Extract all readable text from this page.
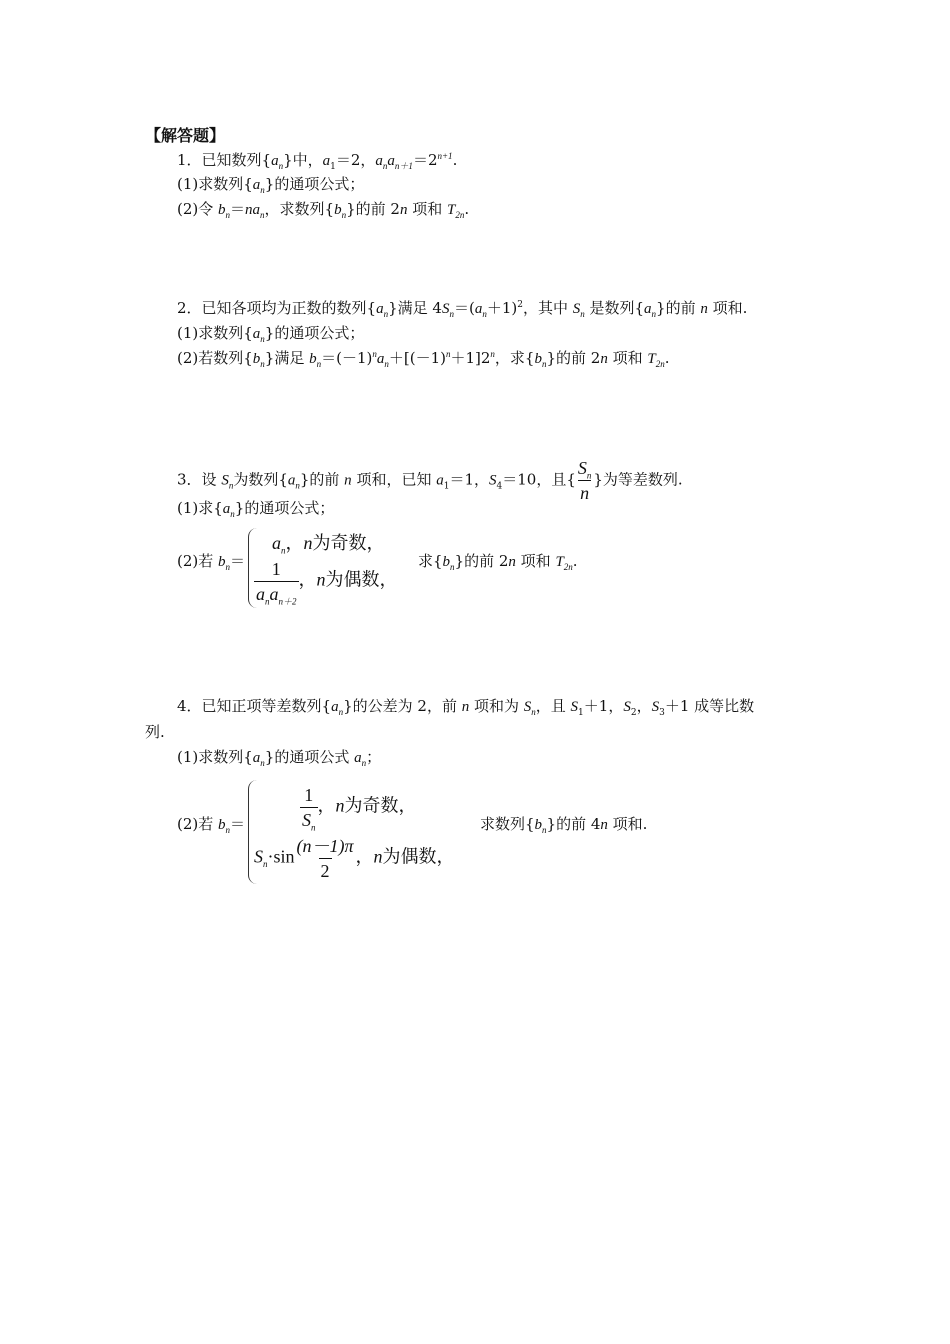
【解答题】
1．已知数列$\{a_n\}$中，$a_1=2$，$a_na_{n+1}=2^{n+1}$.
(1)求数列$\{a_n\}$的通项公式；
(2)令 $b_n=na_n$，求数列$\{b_n\}$的前 2n 项和 $T_{2n}$.
2．已知各项均为正数的数列$\{a_n\}$满足 $4S_n=(a_n+1)^2$，其中 $S_n$ 是数列$\{a_n\}$的前 n 项和.
(1)求数列$\{a_n\}$的通项公式；
(2)若数列$\{b_n\}$满足 $b_n=(-1)^na_n+[(-1)^n+1]2^n$，求$\{b_n\}$的前 2n 项和 $T_{2n}$.
3．设 $S_n$为数列$\{a_n\}$的前 n 项和，已知 $a_1=1$，$S_4=10$，且{ $\frac{S_n}{n}$ }为等差数列.
(1)求$\{a_n\}$的通项公式；
(2)若 $b_n=$
$a_n$，n为奇数，
$\frac{1}{a_na_{n+2}}$ ，n为偶数，
求$\{b_n\}$的前 2n 项和 $T_{2n}$.
4．已知正项等差数列$\{a_n\}$的公差为 2，前 n 项和为 $S_n$，且 $S_1+1$，$S_2$，$S_3+1$ 成等比数
列.
(1)求数列$\{a_n\}$的通项公式 $a_n$；
(2)若 $b_n=$	$\frac{1}{S_n}$ ，n为奇数，
$S_n\cdot\sin \frac{(n-1)\pi}{2}$ ，n为偶数，
求数列$\{b_n\}$的前 4n 项和.
